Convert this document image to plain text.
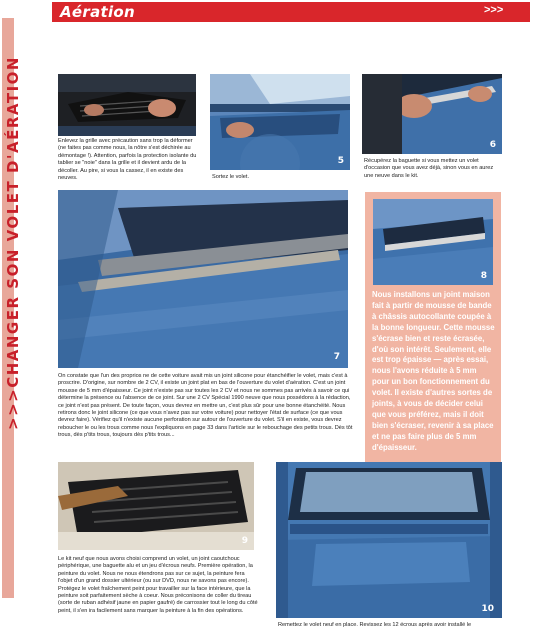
Aération	>>>
>>>CHANGER SON VOLET D'AÉRATION	Enlevez la grille avec précaution sans trop la déformer (ne faites pas comme nous, la nôtre s'est déchirée au démontage !). Attention, parfois la protection isolante du tablier se "noie" dans la grille et il devient ardu de la décoller. Au pire, si vous la cassez, il en existe des neuves.
5
Sortez le volet.
6
Récupérez la baguette si vous mettez un volet d'occasion que vous avez déjà, sinon vous en aurez une neuve dans le kit.
7
On constate que l'un des proprios ne de cette voiture avait mis un joint silicone pour étanchéifier le volet, mais c'est à proscrire. D'origine, sur nombre de 2 CV, il existe un joint plat en bas de l'ouverture du volet d'aération. C'est un joint mousse de 5 mm d'épaisseur. Ce joint n'existe pas sur toutes les 2 CV et nous ne sommes pas arrivés à savoir ce qui détermine la présence ou l'absence de ce joint. Sur une 2 CV Spécial 1990 neuve que nous possédons à la rédaction, ce joint n'est pas présent. De toute façon, vous devrez en mettre un, c'est plus sûr pour une bonne étanchéité. Nous retirons donc le joint silicone (ce que vous n'avez pas sur votre voiture) pour nettoyer l'état de surface (ce que vous devrez faire). Vérifiez qu'il n'existe aucune perforation sur autour de l'ouverture du volet. S'il en existe, vous devrez reboucher le ou les trous comme nous l'expliquons en page 33 dans l'article sur le rebouchage des petits trous. Dès tôt trous, dès p'tits trous, toujours dès p'tits trous...
8
Nous installons un joint maison fait à partir de mousse de bande à châssis autocollante coupée à la bonne longueur. Cette mousse s'écrase bien et reste écrasée, d'où son intérêt. Seulement, elle est trop épaisse — après essai, nous l'avons réduite à 5 mm pour un bon fonctionnement du volet. Il existe d'autres sortes de joints, à vous de décider celui que vous préférez, mais il doit bien s'écraser, revenir à sa place et ne pas faire plus de 5 mm d'épaisseur.
9
Le kit neuf que nous avons choisi comprend un volet, un joint caoutchouc périphérique, une baguette alu et un jeu d'écrous neufs. Première opération, la peinture du volet. Nous ne nous étendrons pas sur ce sujet, la peinture fera l'objet d'un grand dossier ultérieur (ou sur DVD, nous ne savons pas encore). Protégez le volet fraîchement peint pour travailler sur la face intérieure, que la peinture soit parfaitement sèche à coeur. Nous préconisons de coller du tireau (sorte de ruban adhésif jaune en papier gaufré) de carrossier tout le long du côté peint, il s'en ira facilement sans marquer la peinture à la fin des opérations.	10
Remettez le volet neuf en place. Revissez les 12 écrous après avoir installé le
